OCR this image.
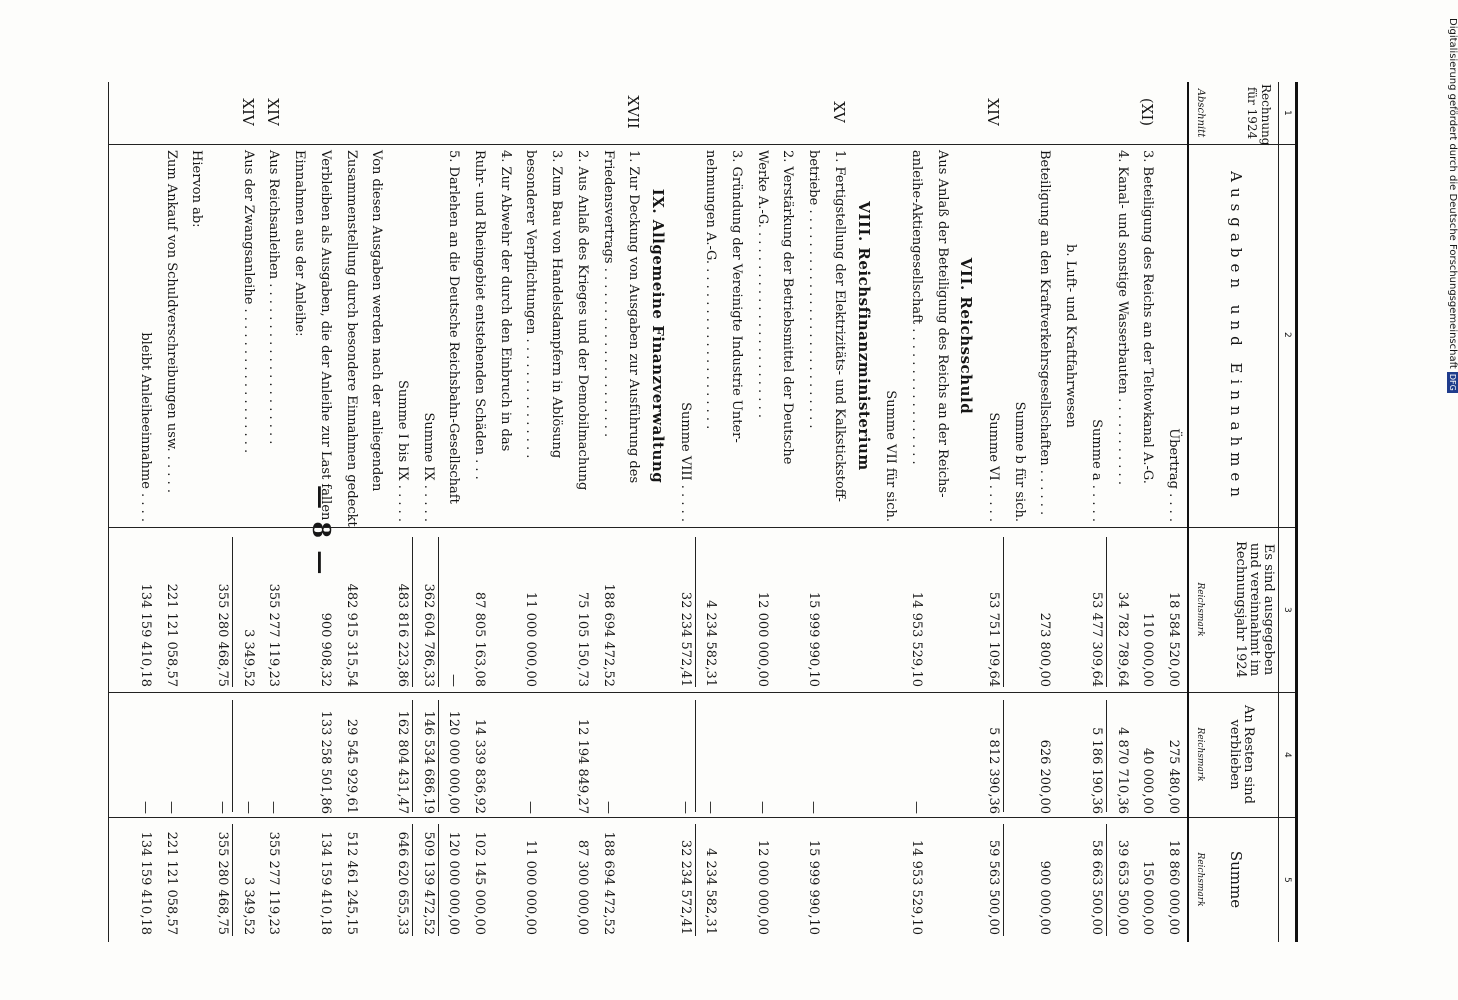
— 8 —
Digitalisierung gefördert durch die Deutsche ForschungsgemeinschaftDFG
1
2
3
4
5
Rechnung für 1924
Abschnitt
Ausgaben und Einnahmen
Es sind ausgegeben und vereinnahmt im Rechnungsjahr 1924
An Resten sind verblieben
Summe
Reichsmark
Reichsmark
Reichsmark
Übertrag . . . .
18 584 520,00
275 480,00
18 860 000,00
(XI)
3. Beteiligung des Reichs an der Teltowkanal A.-G.
110 000,00
40 000,00
150 000,00
4. Kanal- und sonstige Wasserbauten . . . . . . . . . . .
34 782 789,64
4 870 710,36
39 653 500,00
Summe a . . . . .
53 477 309,64
5 186 190,36
58 663 500,00
b. Luft- und Kraftfahrwesen
Beteiligung an den Kraftverkehrsgesellschaften . . . . . .
273 800,00
626 200,00
900 000,00
Summe b für sich.
XIV
Summe VI . . . . .
53 751 109,64
5 812 390,36
59 563 500,00
VII. Reichsschuld
Aus Anlaß der Beteiligung des Reichs an der Reichs-
anleihe-Aktiengesellschaft . . . . . . . . . . . . . . . . .
14 953 529,10
—
14 953 529,10
Summe VII für sich.
VIII. Reichsfinanzministerium
XV
1. Fertigstellung der Elektrizitäts- und Kalkstickstoff-
betriebe . . . . . . . . . . . . . . . . . . . . . . . . . . .
15 999 990,10
—
15 999 990,10
2. Verstärkung der Betriebsmittel der Deutsche
Werke A.-G. . . . . . . . . . . . . . . . . . . . . . . .
12 000 000,00
—
12 000 000,00
3. Gründung der Vereinigte Industrie Unter-
nehmungen A.-G. . . . . . . . . . . . . . . . . . . . .
4 234 582,31
—
4 234 582,31
Summe VIII . . . . .
32 234 572,41
—
32 234 572,41
IX. Allgemeine Finanzverwaltung
XVII
1. Zur Deckung von Ausgaben zur Ausführung des
Friedensvertrags . . . . . . . . . . . . . . . . . . . . .
188 694 472,52
—
188 694 472,52
2. Aus Anlaß des Krieges und der Demobilmachung
75 105 150,73
12 194 849,27
87 300 000,00
3. Zum Bau von Handelsdampfern in Ablösung
besonderer Verpflichtungen . . . . . . . . . . . . . . .
11 000 000,00
—
11 000 000,00
4. Zur Abwehr der durch den Einbruch in das
Ruhr- und Rheingebiet entstehenden Schäden . . .
87 805 163,08
14 339 836,92
102 145 000,00
5. Darlehen an die Deutsche Reichsbahn-Gesellschaft
—
120 000 000,00
120 000 000,00
Summe IX . . . . .
362 604 786,33
146 534 686,19
509 139 472,52
Summe I bis IX . . . . .
483 816 223,86
162 804 431,47
646 620 655,33
Von diesen Ausgaben werden nach der anliegenden
Zusammenstellung durch besondere Einnahmen gedeckt
482 915 315,54
29 545 929,61
512 461 245,15
Verbleiben als Ausgaben, die der Anleihe zur Last fallen
900 908,32
133 258 501,86
134 159 410,18
Einnahmen aus der Anleihe:
XIV
Aus Reichsanleihen . . . . . . . . . . . . . . . . . . . .
355 277 119,23
—
355 277 119,23
XIV
Aus der Zwangsanleihe . . . . . . . . . . . . . . . . . .
3 349,52
—
3 349,52
355 280 468,75
—
355 280 468,75
Hiervon ab:
Zum Ankauf von Schuldverschreibungen usw. . . . . .
221 121 058,57
—
221 121 058,57
bleibt Anleiheeinnahme . . . .
134 159 410,18
—
134 159 410,18
